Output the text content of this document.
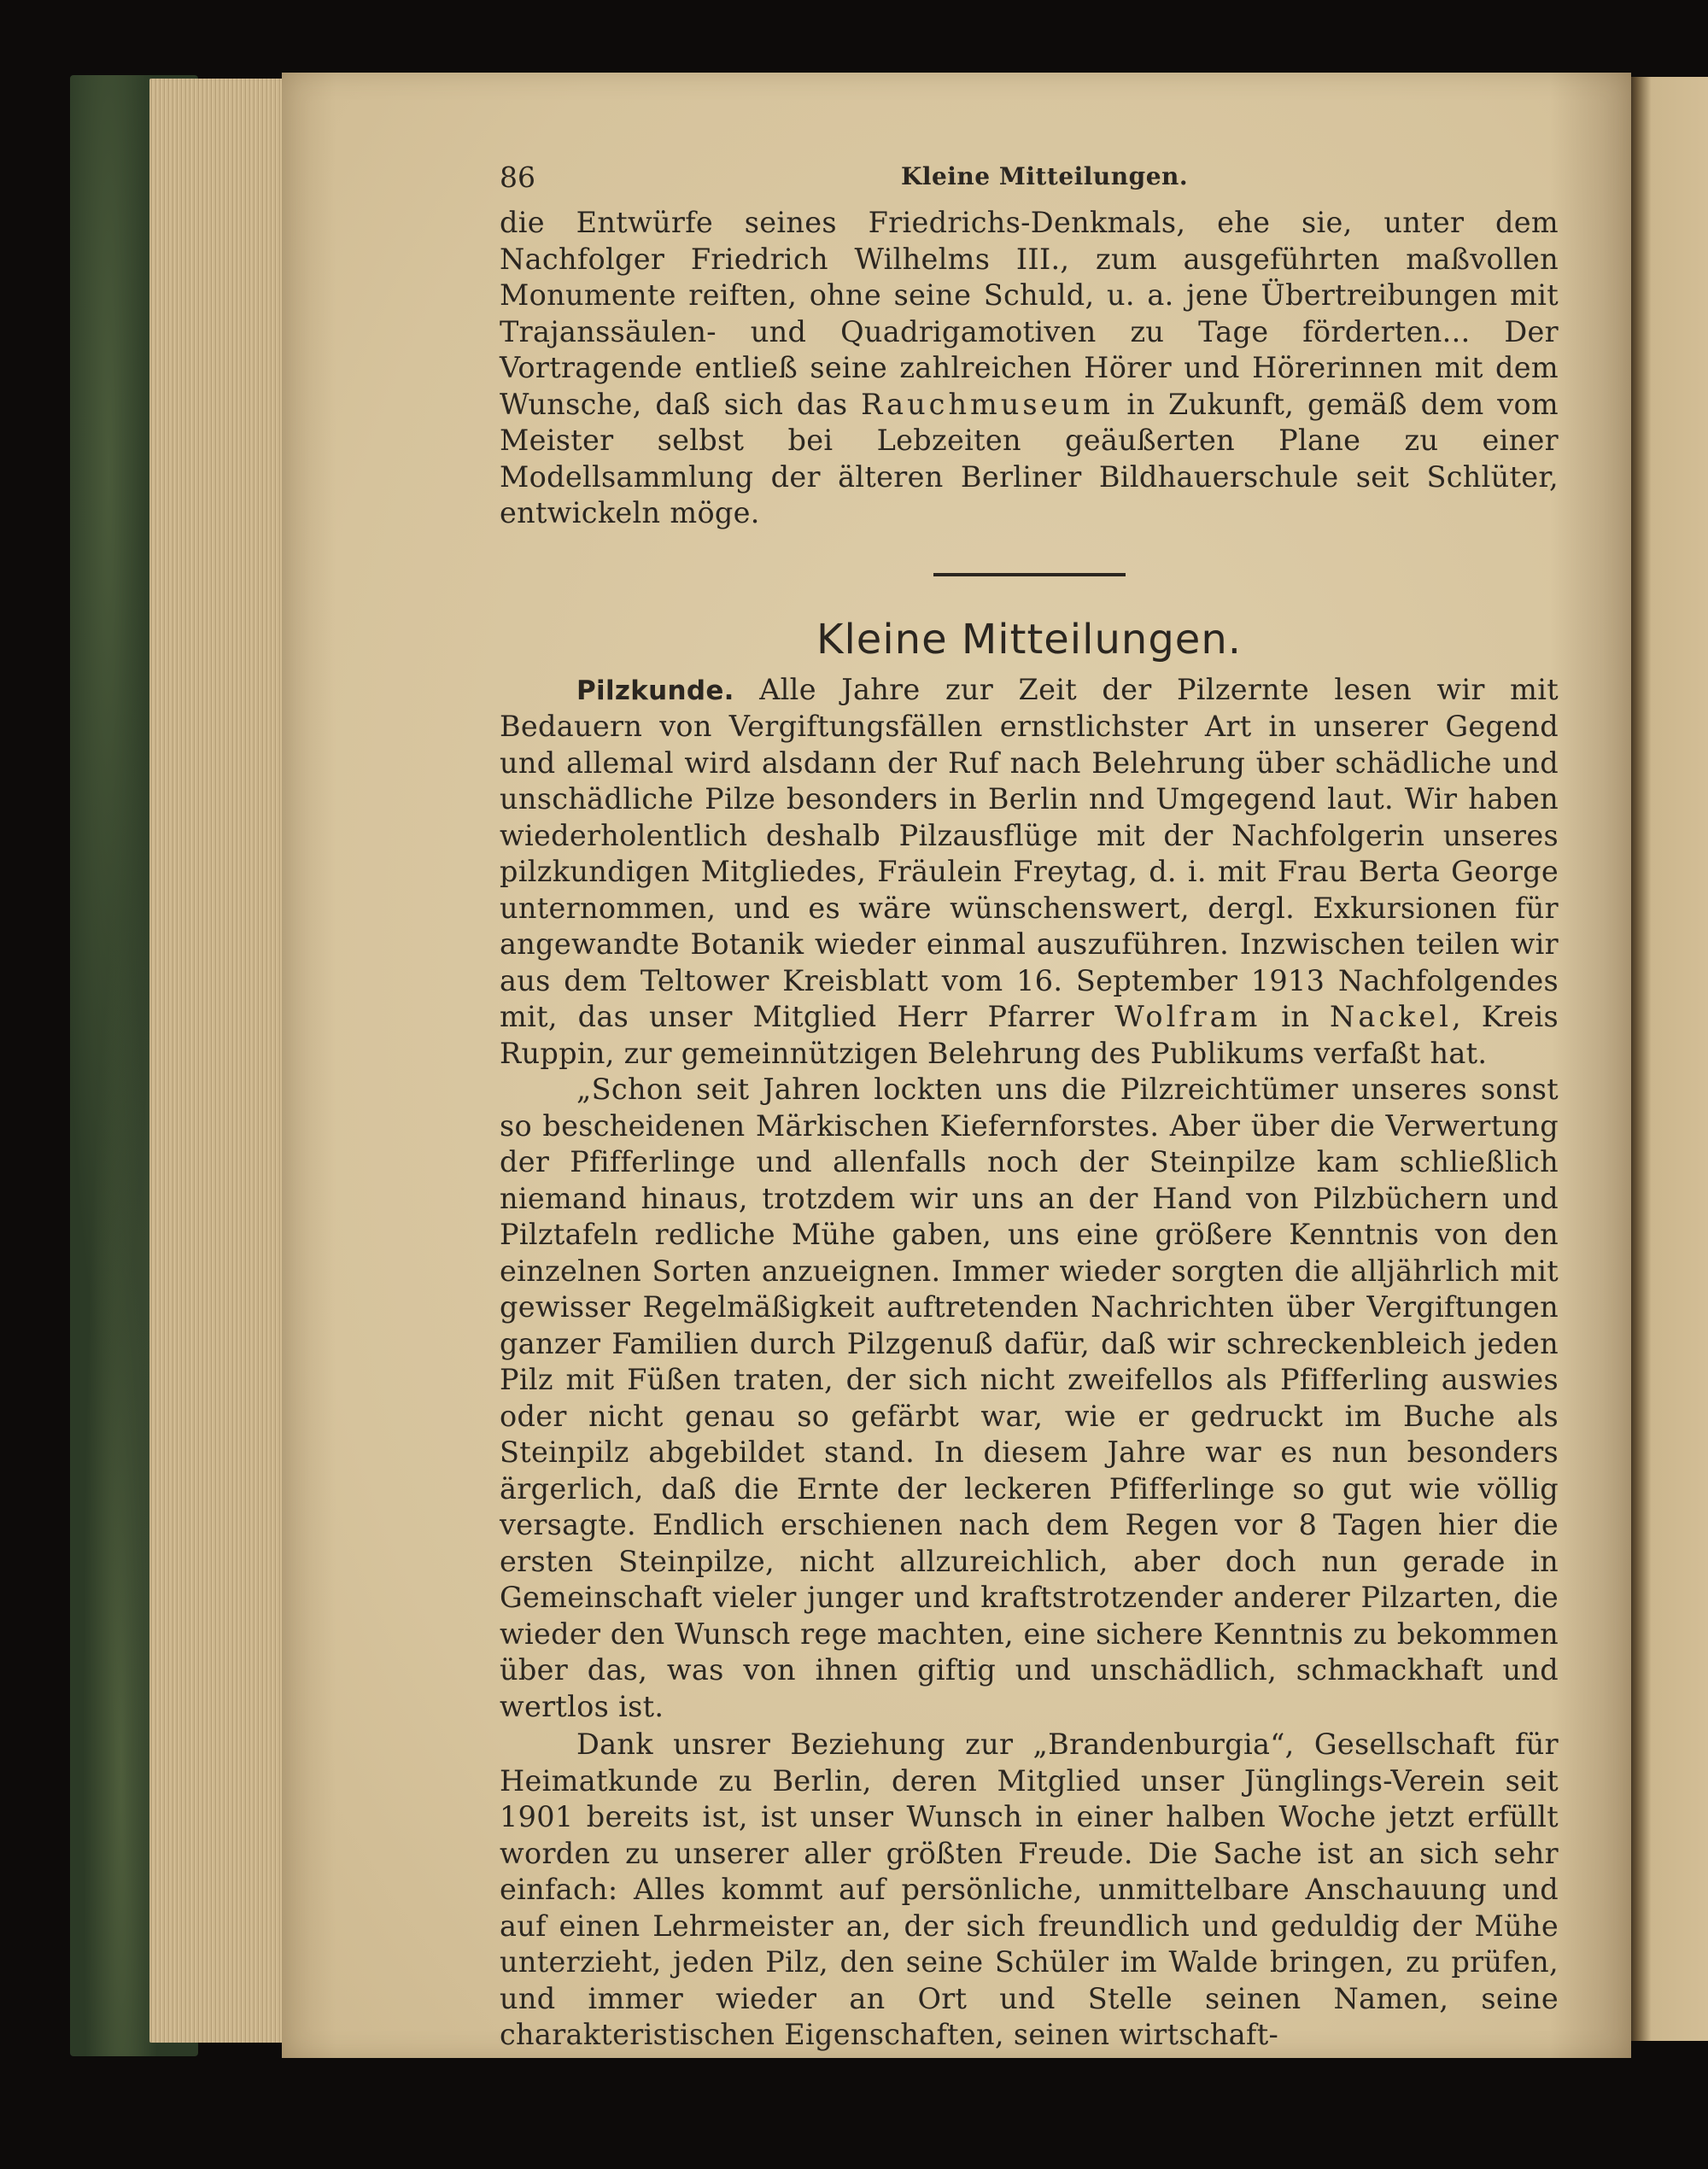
86	Kleine Mitteilungen.

die Entwürfe seines Friedrichs-Denkmals, ehe sie, unter dem Nachfolger Friedrich Wilhelms III., zum ausgeführten maßvollen Monumente reiften, ohne seine Schuld, u. a. jene Übertreibungen mit Trajanssäulen- und Quadrigamotiven zu Tage förderten... Der Vortragende entließ seine zahlreichen Hörer und Hörerinnen mit dem Wunsche, daß sich das Rauchmuseum in Zukunft, gemäß dem vom Meister selbst bei Lebzeiten geäußerten Plane zu einer Modellsammlung der älteren Berliner Bildhauerschule seit Schlüter, entwickeln möge.

Kleine Mitteilungen.

Pilzkunde. Alle Jahre zur Zeit der Pilzernte lesen wir mit Bedauern von Vergiftungsfällen ernstlichster Art in unserer Gegend und allemal wird alsdann der Ruf nach Belehrung über schädliche und unschädliche Pilze besonders in Berlin nnd Umgegend laut. Wir haben wiederholentlich deshalb Pilzausflüge mit der Nachfolgerin unseres pilzkundigen Mitgliedes, Fräulein Freytag, d. i. mit Frau Berta George unternommen, und es wäre wünschenswert, dergl. Exkursionen für angewandte Botanik wieder einmal auszuführen. Inzwischen teilen wir aus dem Teltower Kreisblatt vom 16. September 1913 Nachfolgendes mit, das unser Mitglied Herr Pfarrer Wolfram in Nackel, Kreis Ruppin, zur gemeinnützigen Belehrung des Publikums verfaßt hat.

„Schon seit Jahren lockten uns die Pilzreichtümer unseres sonst so bescheidenen Märkischen Kiefernforstes. Aber über die Verwertung der Pfifferlinge und allenfalls noch der Steinpilze kam schließlich niemand hinaus, trotzdem wir uns an der Hand von Pilzbüchern und Pilztafeln redliche Mühe gaben, uns eine größere Kenntnis von den einzelnen Sorten anzueignen. Immer wieder sorgten die alljährlich mit gewisser Regelmäßigkeit auftretenden Nachrichten über Vergiftungen ganzer Familien durch Pilzgenuß dafür, daß wir schreckenbleich jeden Pilz mit Füßen traten, der sich nicht zweifellos als Pfifferling auswies oder nicht genau so gefärbt war, wie er gedruckt im Buche als Steinpilz abgebildet stand. In diesem Jahre war es nun besonders ärgerlich, daß die Ernte der leckeren Pfifferlinge so gut wie völlig versagte. Endlich erschienen nach dem Regen vor 8 Tagen hier die ersten Steinpilze, nicht allzureichlich, aber doch nun gerade in Gemeinschaft vieler junger und kraftstrotzender anderer Pilzarten, die wieder den Wunsch rege machten, eine sichere Kenntnis zu bekommen über das, was von ihnen giftig und unschädlich, schmackhaft und wertlos ist.

Dank unsrer Beziehung zur „Brandenburgia“, Gesellschaft für Heimatkunde zu Berlin, deren Mitglied unser Jünglings-Verein seit 1901 bereits ist, ist unser Wunsch in einer halben Woche jetzt erfüllt worden zu unserer aller größten Freude. Die Sache ist an sich sehr einfach: Alles kommt auf persönliche, unmittelbare Anschauung und auf einen Lehrmeister an, der sich freundlich und geduldig der Mühe unterzieht, jeden Pilz, den seine Schüler im Walde bringen, zu prüfen, und immer wieder an Ort und Stelle seinen Namen, seine charakteristischen Eigenschaften, seinen wirtschaft-
